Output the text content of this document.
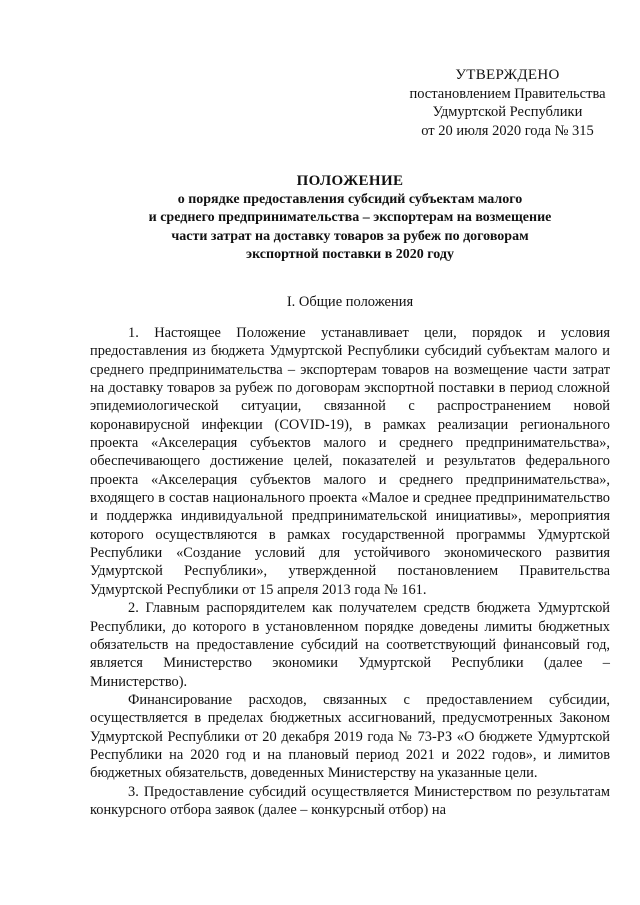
УТВЕРЖДЕНО
постановлением Правительства
Удмуртской Республики
от 20 июля 2020 года № 315
ПОЛОЖЕНИЕ
о порядке предоставления субсидий субъектам малого
и среднего предпринимательства – экспортерам на возмещение
части затрат на доставку товаров за рубеж по договорам
экспортной поставки в 2020 году
I. Общие положения

1. Настоящее Положение устанавливает цели, порядок и условия предоставления из бюджета Удмуртской Республики субсидий субъектам малого и среднего предпринимательства – экспортерам товаров на возмещение части затрат на доставку товаров за рубеж по договорам экспортной поставки в период сложной эпидемиологической ситуации, связанной с распространением новой коронавирусной инфекции (COVID-19), в рамках реализации регионального проекта «Акселерация субъектов малого и среднего предпринимательства», обеспечивающего достижение целей, показателей и результатов федерального проекта «Акселерация субъектов малого и среднего предпринимательства», входящего в состав национального проекта «Малое и среднее предпринимательство и поддержка индивидуальной предпринимательской инициативы», мероприятия которого осуществляются в рамках государственной программы Удмуртской Республики «Создание условий для устойчивого экономического развития Удмуртской Республики», утвержденной постановлением Правительства Удмуртской Республики от 15 апреля 2013 года № 161.

2. Главным распорядителем как получателем средств бюджета Удмуртской Республики, до которого в установленном порядке доведены лимиты бюджетных обязательств на предоставление субсидий на соответствующий финансовый год, является Министерство экономики Удмуртской Республики (далее – Министерство).

Финансирование расходов, связанных с предоставлением субсидии, осуществляется в пределах бюджетных ассигнований, предусмотренных Законом Удмуртской Республики от 20 декабря 2019 года № 73-РЗ «О бюджете Удмуртской Республики на 2020 год и на плановый период 2021 и 2022 годов», и лимитов бюджетных обязательств, доведенных Министерству на указанные цели.

3. Предоставление субсидий осуществляется Министерством по результатам конкурсного отбора заявок (далее – конкурсный отбор) на
